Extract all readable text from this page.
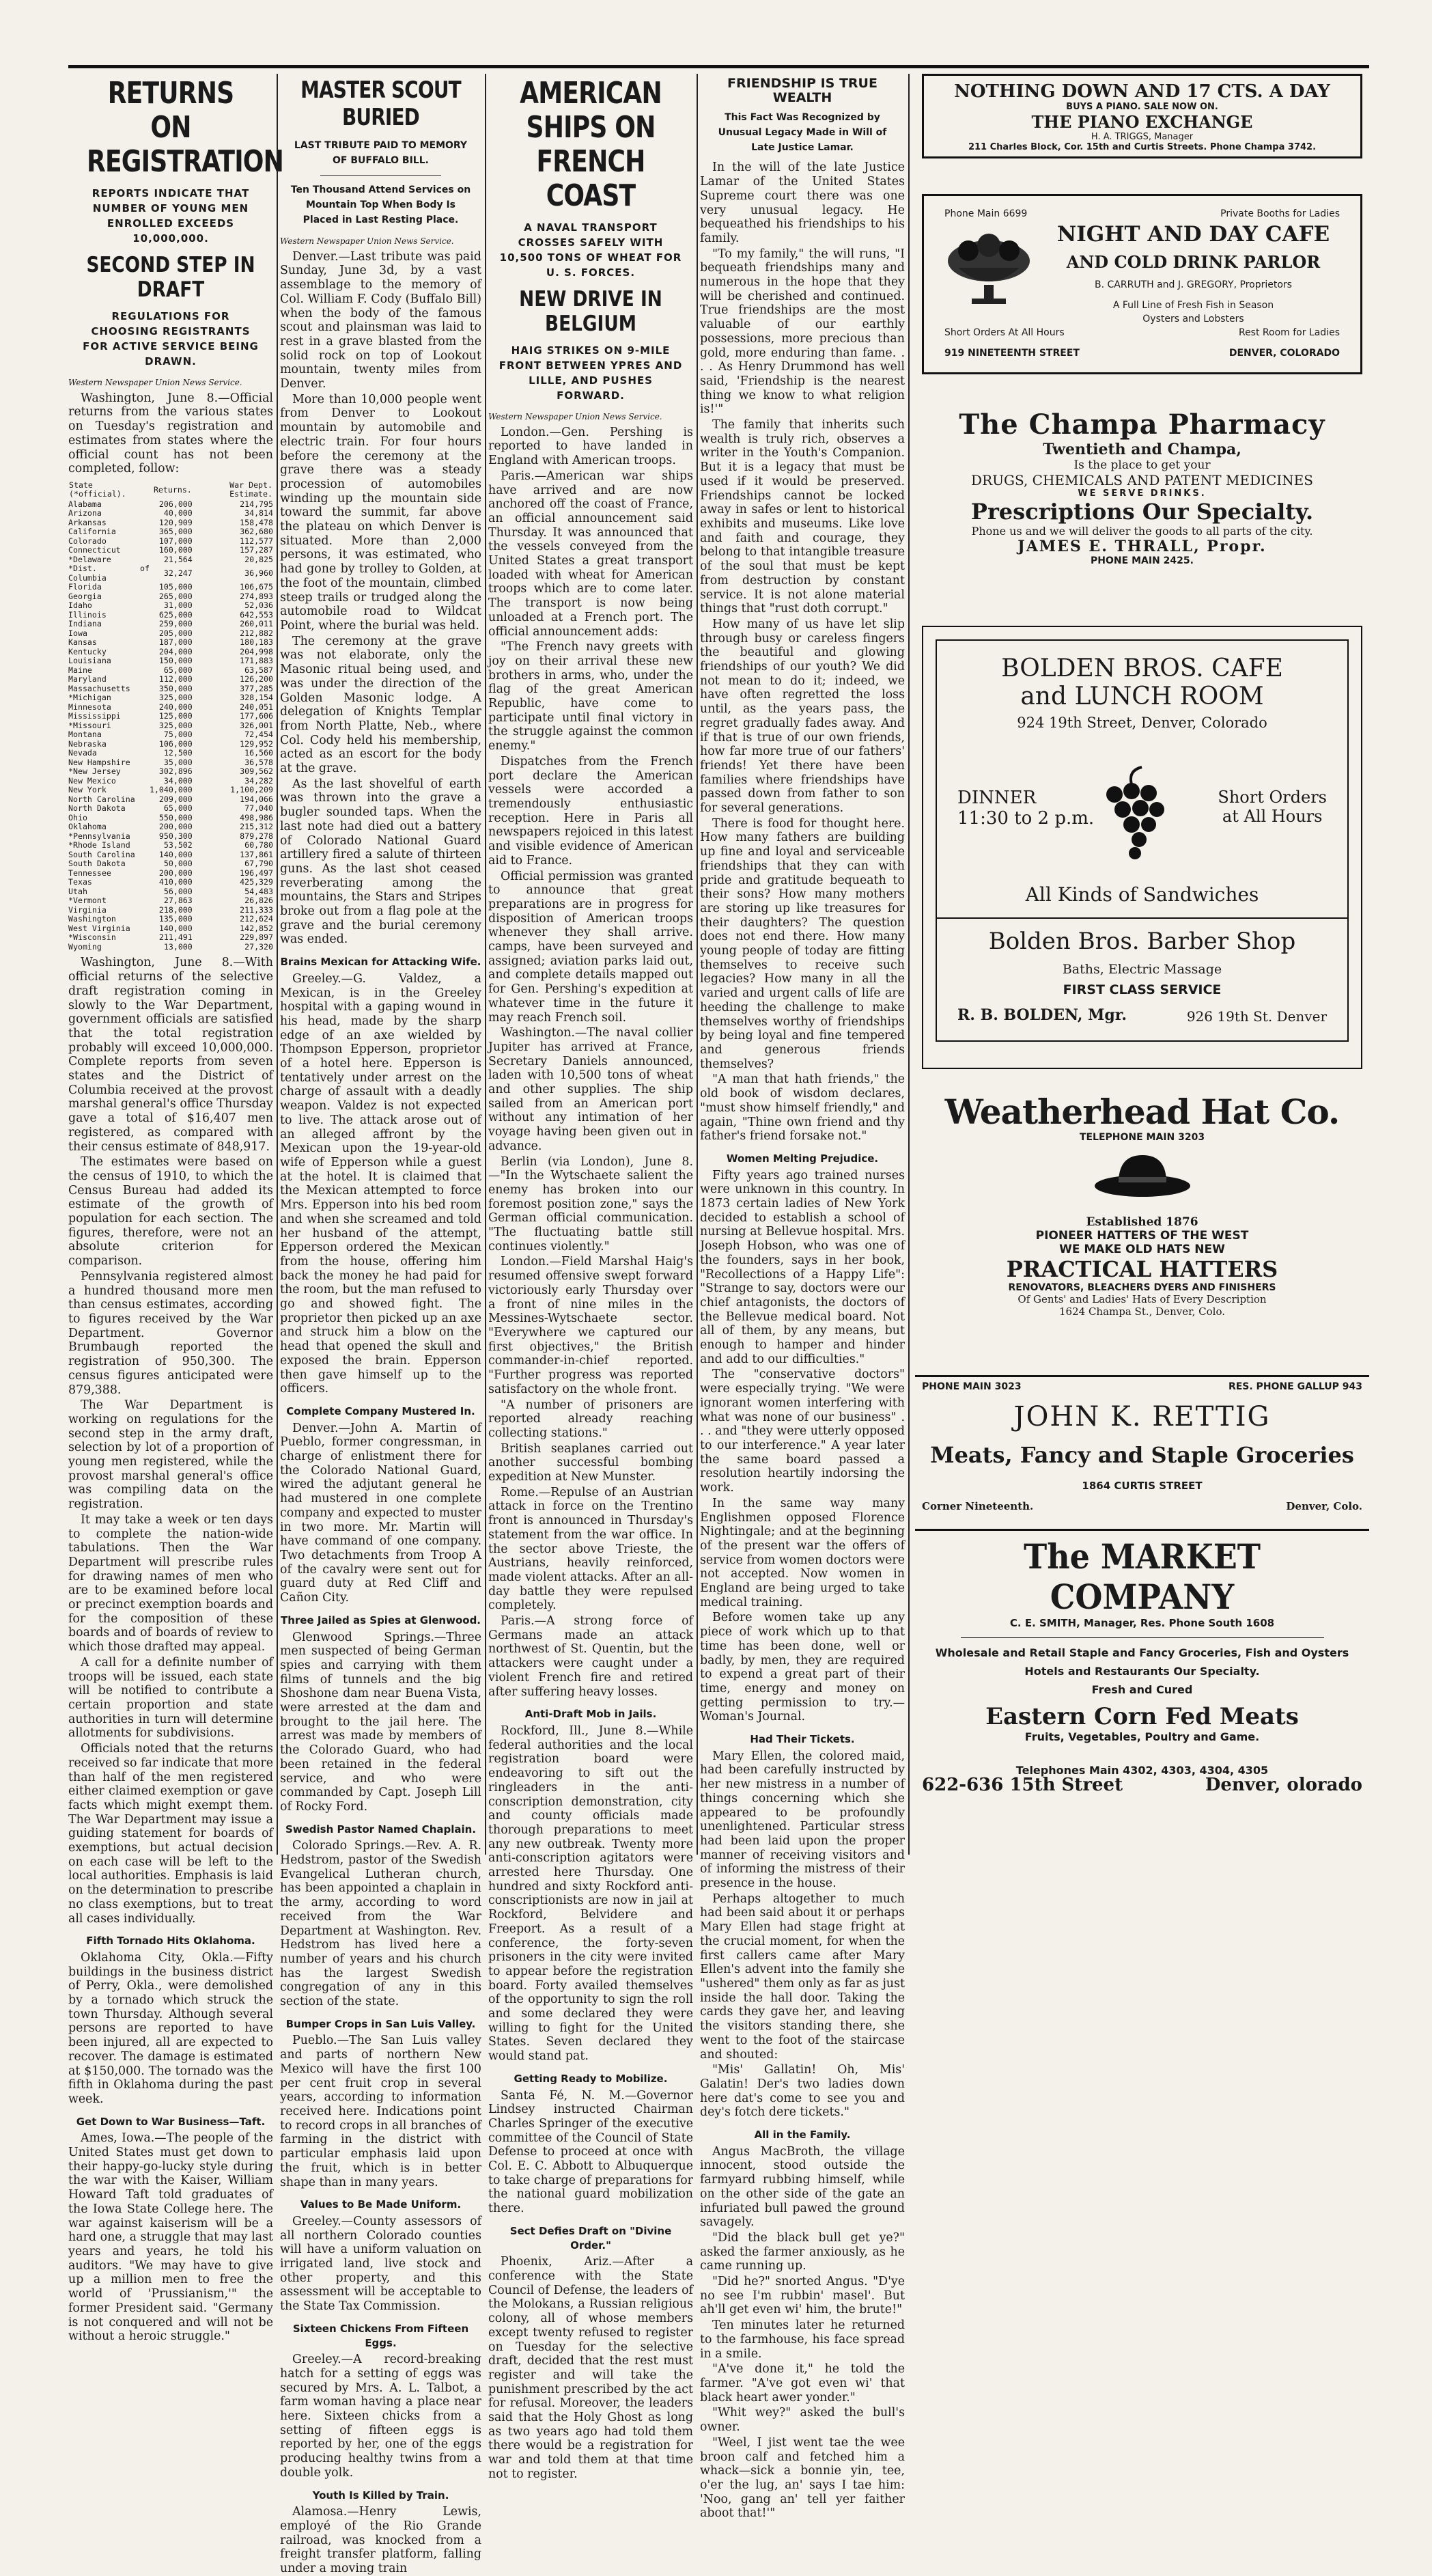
RETURNS ON REGISTRATION
REPORTS INDICATE THAT NUMBER OF YOUNG MEN ENROLLED EXCEEDS 10,000,000.
SECOND STEP IN DRAFT
REGULATIONS FOR CHOOSING REGISTRANTS FOR ACTIVE SERVICE BEING DRAWN.
Western Newspaper Union News Service.

Washington, June 8.—Official returns from the various states on Tuesday's registration and estimates from states where the official count has not been completed, follow:

State (*official).	Returns.	War Dept. Estimate.
Alabama	206,000	214,795
Arizona	40,000	34,814
Arkansas	120,909	158,478
California	365,000	362,680
Colorado	107,000	112,577
Connecticut	160,000	157,287
*Delaware	21,564	20,825
*Dist. of Columbia	32,247	36,960
Florida	105,000	106,675
Georgia	265,000	274,893
Idaho	31,000	52,036
Illinois	625,000	642,553
Indiana	259,000	260,011
Iowa	205,000	212,882
Kansas	187,000	180,183
Kentucky	204,000	204,998
Louisiana	150,000	171,883
Maine	65,000	63,587
Maryland	112,000	126,200
Massachusetts	350,000	377,285
*Michigan	325,000	328,154
Minnesota	240,000	240,051
Mississippi	125,000	177,606
*Missouri	325,000	326,001
Montana	75,000	72,454
Nebraska	106,000	129,952
Nevada	12,500	16,560
New Hampshire	35,000	36,578
*New Jersey	302,896	309,562
New Mexico	34,000	34,282
New York	1,040,000	1,100,209
North Carolina	209,000	194,066
North Dakota	65,000	77,040
Ohio	550,000	498,986
Oklahoma	200,000	215,312
*Pennsylvania	950,300	879,278
*Rhode Island	53,502	60,780
South Carolina	140,000	137,861
South Dakota	50,000	67,790
Tennessee	200,000	196,497
Texas	410,000	425,329
Utah	56,000	54,483
*Vermont	27,863	26,826
Virginia	218,000	211,333
Washington	135,000	212,624
West Virginia	140,000	142,852
*Wisconsin	211,491	229,897
Wyoming	13,000	27,320

Washington, June 8.—With official returns of the selective draft registration coming in slowly to the War Department, government officials are satisfied that the total registration probably will exceed 10,000,000. Complete reports from seven states and the District of Columbia received at the provost marshal general's office Thursday gave a total of $16,407 men registered, as compared with their census estimate of 848,917.

The estimates were based on the census of 1910, to which the Census Bureau had added its estimate of the growth of population for each section. The figures, therefore, were not an absolute criterion for comparison.

Pennsylvania registered almost a hundred thousand more men than census estimates, according to figures received by the War Department. Governor Brumbaugh reported the registration of 950,300. The census figures anticipated were 879,388.

The War Department is working on regulations for the second step in the army draft, selection by lot of a proportion of young men registered, while the provost marshal general's office was compiling data on the registration.

It may take a week or ten days to complete the nation-wide tabulations. Then the War Department will prescribe rules for drawing names of men who are to be examined before local or precinct exemption boards and for the composition of these boards and of boards of review to which those drafted may appeal.

A call for a definite number of troops will be issued, each state will be notified to contribute a certain proportion and state authorities in turn will determine allotments for subdivisions.

Officials noted that the returns received so far indicate that more than half of the men registered either claimed exemption or gave facts which might exempt them. The War Department may issue a guiding statement for boards of exemptions, but actual decision on each case will be left to the local authorities. Emphasis is laid on the determination to prescribe no class exemptions, but to treat all cases individually.

Fifth Tornado Hits Oklahoma.

Oklahoma City, Okla.—Fifty buildings in the business district of Perry, Okla., were demolished by a tornado which struck the town Thursday. Although several persons are reported to have been injured, all are expected to recover. The damage is estimated at $150,000. The tornado was the fifth in Oklahoma during the past week.

Get Down to War Business—Taft.

Ames, Iowa.—The people of the United States must get down to their happy-go-lucky style during the war with the Kaiser, William Howard Taft told graduates of the Iowa State College here. The war against kaiserism will be a hard one, a struggle that may last years and years, he told his auditors. "We may have to give up a million men to free the world of 'Prussianism,'" the former President said. "Germany is not conquered and will not be without a heroic struggle."

MASTER SCOUT BURIED
LAST TRIBUTE PAID TO MEMORY OF BUFFALO BILL.
Ten Thousand Attend Services on Mountain Top When Body Is Placed in Last Resting Place.
Western Newspaper Union News Service.

Denver.—Last tribute was paid Sunday, June 3d, by a vast assemblage to the memory of Col. William F. Cody (Buffalo Bill) when the body of the famous scout and plainsman was laid to rest in a grave blasted from the solid rock on top of Lookout mountain, twenty miles from Denver.

More than 10,000 people went from Denver to Lookout mountain by automobile and electric train. For four hours before the ceremony at the grave there was a steady procession of automobiles winding up the mountain side toward the summit, far above the plateau on which Denver is situated. More than 2,000 persons, it was estimated, who had gone by trolley to Golden, at the foot of the mountain, climbed steep trails or trudged along the automobile road to Wildcat Point, where the burial was held.

The ceremony at the grave was not elaborate, only the Masonic ritual being used, and was under the direction of the Golden Masonic lodge. A delegation of Knights Templar from North Platte, Neb., where Col. Cody held his membership, acted as an escort for the body at the grave.

As the last shovelful of earth was thrown into the grave a bugler sounded taps. When the last note had died out a battery of Colorado National Guard artillery fired a salute of thirteen guns. As the last shot ceased reverberating among the mountains, the Stars and Stripes broke out from a flag pole at the grave and the burial ceremony was ended.

Brains Mexican for Attacking Wife.

Greeley.—G. Valdez, a Mexican, is in the Greeley hospital with a gaping wound in his head, made by the sharp edge of an axe wielded by Thompson Epperson, proprietor of a hotel here. Epperson is tentatively under arrest on the charge of assault with a deadly weapon. Valdez is not expected to live. The attack arose out of an alleged affront by the Mexican upon the 19-year-old wife of Epperson while a guest at the hotel. It is claimed that the Mexican attempted to force Mrs. Epperson into his bed room and when she screamed and told her husband of the attempt, Epperson ordered the Mexican from the house, offering him back the money he had paid for the room, but the man refused to go and showed fight. The proprietor then picked up an axe and struck him a blow on the head that opened the skull and exposed the brain. Epperson then gave himself up to the officers.

Complete Company Mustered In.

Denver.—John A. Martin of Pueblo, former congressman, in charge of enlistment there for the Colorado National Guard, wired the adjutant general he had mustered in one complete company and expected to muster in two more. Mr. Martin will have command of one company. Two detachments from Troop A of the cavalry were sent out for guard duty at Red Cliff and Cañon City.

Three Jailed as Spies at Glenwood.

Glenwood Springs.—Three men suspected of being German spies and carrying with them films of tunnels and the big Shoshone dam near Buena Vista, were arrested at the dam and brought to the jail here. The arrest was made by members of the Colorado Guard, who had been retained in the federal service, and who were commanded by Capt. Joseph Lill of Rocky Ford.

Swedish Pastor Named Chaplain.

Colorado Springs.—Rev. A. R. Hedstrom, pastor of the Swedish Evangelical Lutheran church, has been appointed a chaplain in the army, according to word received from the War Department at Washington. Rev. Hedstrom has lived here a number of years and his church has the largest Swedish congregation of any in this section of the state.

Bumper Crops in San Luis Valley.

Pueblo.—The San Luis valley and parts of northern New Mexico will have the first 100 per cent fruit crop in several years, according to information received here. Indications point to record crops in all branches of farming in the district with particular emphasis laid upon the fruit, which is in better shape than in many years.

Values to Be Made Uniform.

Greeley.—County assessors of all northern Colorado counties will have a uniform valuation on irrigated land, live stock and other property, and this assessment will be acceptable to the State Tax Commission.

Sixteen Chickens From Fifteen Eggs.

Greeley.—A record-breaking hatch for a setting of eggs was secured by Mrs. A. L. Talbot, a farm woman having a place near here. Sixteen chicks from a setting of fifteen eggs is reported by her, one of the eggs producing healthy twins from a double yolk.

Youth Is Killed by Train.

Alamosa.—Henry Lewis, employé of the Rio Grande railroad, was knocked from a freight transfer platform, falling under a moving train

AMERICAN SHIPS ON FRENCH COAST
A NAVAL TRANSPORT CROSSES SAFELY WITH 10,500 TONS OF WHEAT FOR U. S. FORCES.
NEW DRIVE IN BELGIUM
HAIG STRIKES ON 9-MILE FRONT BETWEEN YPRES AND LILLE, AND PUSHES FORWARD.
Western Newspaper Union News Service.

London.—Gen. Pershing is reported to have landed in England with American troops.

Paris.—American war ships have arrived and are now anchored off the coast of France, an official announcement said Thursday. It was announced that the vessels conveyed from the United States a great transport loaded with wheat for American troops which are to come later. The transport is now being unloaded at a French port. The official announcement adds:

"The French navy greets with joy on their arrival these new brothers in arms, who, under the flag of the great American Republic, have come to participate until final victory in the struggle against the common enemy."

Dispatches from the French port declare the American vessels were accorded a tremendously enthusiastic reception. Here in Paris all newspapers rejoiced in this latest and visible evidence of American aid to France.

Official permission was granted to announce that great preparations are in progress for disposition of American troops whenever they shall arrive. camps, have been surveyed and assigned; aviation parks laid out, and complete details mapped out for Gen. Pershing's expedition at whatever time in the future it may reach French soil.

Washington.—The naval collier Jupiter has arrived at France, Secretary Daniels announced, laden with 10,500 tons of wheat and other supplies. The ship sailed from an American port without any intimation of her voyage having been given out in advance.

Berlin (via London), June 8.—"In the Wytschaete salient the enemy has broken into our foremost position zone," says the German official communication. "The fluctuating battle still continues violently."

London.—Field Marshal Haig's resumed offensive swept forward victoriously early Thursday over a front of nine miles in the Messines-Wytschaete sector. "Everywhere we captured our first objectives," the British commander-in-chief reported. "Further progress was reported satisfactory on the whole front.

"A number of prisoners are reported already reaching collecting stations."

British seaplanes carried out another successful bombing expedition at New Munster.

Rome.—Repulse of an Austrian attack in force on the Trentino front is announced in Thursday's statement from the war office. In the sector above Trieste, the Austrians, heavily reinforced, made violent attacks. After an all-day battle they were repulsed completely.

Paris.—A strong force of Germans made an attack northwest of St. Quentin, but the attackers were caught under a violent French fire and retired after suffering heavy losses.

Anti-Draft Mob in Jails.

Rockford, Ill., June 8.—While federal authorities and the local registration board were endeavoring to sift out the ringleaders in the anti-conscription demonstration, city and county officials made thorough preparations to meet any new outbreak. Twenty more anti-conscription agitators were arrested here Thursday. One hundred and sixty Rockford anti-conscriptionists are now in jail at Rockford, Belvidere and Freeport. As a result of a conference, the forty-seven prisoners in the city were invited to appear before the registration board. Forty availed themselves of the opportunity to sign the roll and some declared they were willing to fight for the United States. Seven declared they would stand pat.

Getting Ready to Mobilize.

Santa Fé, N. M.—Governor Lindsey instructed Chairman Charles Springer of the executive committee of the Council of State Defense to proceed at once with Col. E. C. Abbott to Albuquerque to take charge of preparations for the national guard mobilization there.

Sect Defies Draft on "Divine Order."

Phoenix, Ariz.—After a conference with the State Council of Defense, the leaders of the Molokans, a Russian religious colony, all of whose members except twenty refused to register on Tuesday for the selective draft, decided that the rest must register and will take the punishment prescribed by the act for refusal. Moreover, the leaders said that the Holy Ghost as long as two years ago had told them there would be a registration for war and told them at that time not to register.

FRIENDSHIP IS TRUE WEALTH
This Fact Was Recognized by Unusual Legacy Made in Will of Late Justice Lamar.

In the will of the late Justice Lamar of the United States Supreme court there was one very unusual legacy. He bequeathed his friendships to his family.

"To my family," the will runs, "I bequeath friendships many and numerous in the hope that they will be cherished and continued. True friendships are the most valuable of our earthly possessions, more precious than gold, more enduring than fame. . . . As Henry Drummond has well said, 'Friendship is the nearest thing we know to what religion is!'"

The family that inherits such wealth is truly rich, observes a writer in the Youth's Companion. But it is a legacy that must be used if it would be preserved. Friendships cannot be locked away in safes or lent to historical exhibits and museums. Like love and faith and courage, they belong to that intangible treasure of the soul that must be kept from destruction by constant service. It is not alone material things that "rust doth corrupt."

How many of us have let slip through busy or careless fingers the beautiful and glowing friendships of our youth? We did not mean to do it; indeed, we have often regretted the loss until, as the years pass, the regret gradually fades away. And if that is true of our own friends, how far more true of our fathers' friends! Yet there have been families where friendships have passed down from father to son for several generations.

There is food for thought here. How many fathers are building up fine and loyal and serviceable friendships that they can with pride and gratitude bequeath to their sons? How many mothers are storing up like treasures for their daughters? The question does not end there. How many young people of today are fitting themselves to receive such legacies? How many in all the varied and urgent calls of life are heeding the challenge to make themselves worthy of friendships by being loyal and fine tempered and generous friends themselves?

"A man that hath friends," the old book of wisdom declares, "must show himself friendly," and again, "Thine own friend and thy father's friend forsake not."

Women Melting Prejudice.

Fifty years ago trained nurses were unknown in this country. In 1873 certain ladies of New York decided to establish a school of nursing at Bellevue hospital. Mrs. Joseph Hobson, who was one of the founders, says in her book, "Recollections of a Happy Life": "Strange to say, doctors were our chief antagonists, the doctors of the Bellevue medical board. Not all of them, by any means, but enough to hamper and hinder and add to our difficulties."

The "conservative doctors" were especially trying. "We were ignorant women interfering with what was none of our business" . . . and "they were utterly opposed to our interference." A year later the same board passed a resolution heartily indorsing the work.

In the same way many Englishmen opposed Florence Nightingale; and at the beginning of the present war the offers of service from women doctors were not accepted. Now women in England are being urged to take medical training.

Before women take up any piece of work which up to that time has been done, well or badly, by men, they are required to expend a great part of their time, energy and money on getting permission to try.—Woman's Journal.

Had Their Tickets.

Mary Ellen, the colored maid, had been carefully instructed by her new mistress in a number of things concerning which she appeared to be profoundly unenlightened. Particular stress had been laid upon the proper manner of receiving visitors and of informing the mistress of their presence in the house.

Perhaps altogether to much had been said about it or perhaps Mary Ellen had stage fright at the crucial moment, for when the first callers came after Mary Ellen's advent into the family she "ushered" them only as far as just inside the hall door. Taking the cards they gave her, and leaving the visitors standing there, she went to the foot of the staircase and shouted:

"Mis' Gallatin! Oh, Mis' Galatin! Der's two ladies down here dat's come to see you and dey's fotch dere tickets."

All in the Family.

Angus MacBroth, the village innocent, stood outside the farmyard rubbing himself, while on the other side of the gate an infuriated bull pawed the ground savagely.

"Did the black bull get ye?" asked the farmer anxiously, as he came running up.

"Did he?" snorted Angus. "D'ye no see I'm rubbin' masel'. But ah'll get even wi' him, the brute!"

Ten minutes later he returned to the farmhouse, his face spread in a smile.

"A've done it," he told the farmer. "A've got even wi' that black heart awer yonder."

"Whit wey?" asked the bull's owner.

"Weel, I jist went tae the wee broon calf and fetched him a whack—sick a bonnie yin, tee, o'er the lug, an' says I tae him: 'Noo, gang an' tell yer faither aboot that!'"

NOTHING DOWN AND 17 CTS. A DAY
BUYS A PIANO. SALE NOW ON.
THE PIANO EXCHANGE
H. A. TRIGGS, Manager
211 Charles Block, Cor. 15th and Curtis Streets. Phone Champa 3742.
Phone Main 6699	Private Booths for Ladies
NIGHT AND DAY CAFE
AND COLD DRINK PARLOR
B. CARRUTH and J. GREGORY, Proprietors
A Full Line of Fresh Fish in Season
Oysters and Lobsters
Short Orders At All Hours	Rest Room for Ladies
919 NINETEENTH STREET	DENVER, COLORADO
The Champa Pharmacy
Twentieth and Champa,
Is the place to get your
DRUGS, CHEMICALS AND PATENT MEDICINES
WE SERVE DRINKS.
Prescriptions Our Specialty.
Phone us and we will deliver the goods to all parts of the city.
JAMES E. THRALL, Propr.
PHONE MAIN 2425.
BOLDEN BROS. CAFE
and LUNCH ROOM
924 19th Street, Denver, Colorado
DINNER
11:30 to 2 p.m.
Short Orders
at All Hours
All Kinds of Sandwiches
Bolden Bros. Barber Shop
Baths, Electric Massage
FIRST CLASS SERVICE
R. B. BOLDEN, Mgr.	926 19th St. Denver
Weatherhead Hat Co.
TELEPHONE MAIN 3203
Established 1876
PIONEER HATTERS OF THE WEST
WE MAKE OLD HATS NEW
PRACTICAL HATTERS
RENOVATORS, BLEACHERS DYERS AND FINISHERS
Of Gents' and Ladies' Hats of Every Description
1624 Champa St., Denver, Colo.
PHONE MAIN 3023	RES. PHONE GALLUP 943
JOHN K. RETTIG
Meats, Fancy and Staple Groceries
1864 CURTIS STREET
Corner Nineteenth.	Denver, Colo.
The MARKET COMPANY
C. E. SMITH, Manager, Res. Phone South 1608
Wholesale and Retail Staple and Fancy Groceries, Fish and Oysters
Hotels and Restaurants Our Specialty.
Fresh and Cured
Eastern Corn Fed Meats
Fruits, Vegetables, Poultry and Game.
Telephones Main 4302, 4303, 4304, 4305
622-636 15th Street	Denver, olorado
